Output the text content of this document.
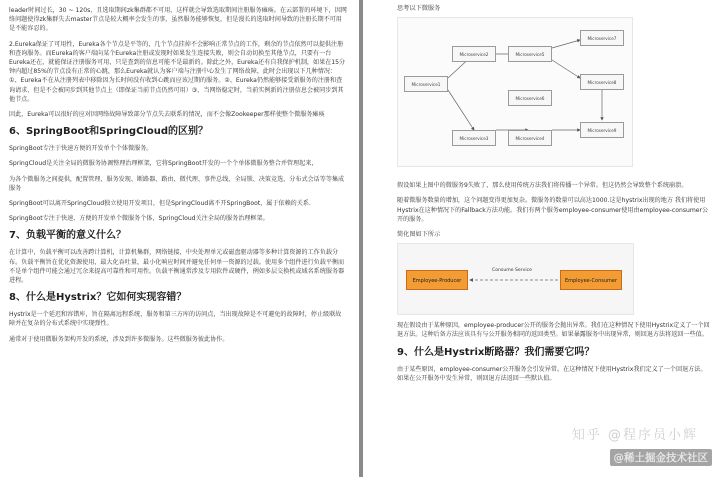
leader时间过长，30 ~ 120s，且选取期间zk集群都不可用，这样就会导致选取期间注册服务瘫痪。在云部署的环境下，因网络问题使得zk集群失去master节点是较大概率会发生的事，虽然服务能够恢复，但是漫长的选取时间导致的注册长期不可用是不能容忍的。

2.Eureka保证了可用性，Eureka各个节点是平等的，几个节点挂掉不会影响正常节点的工作，剩余的节点依然可以提供注册和查询服务。而Eureka的客户端向某个Eureka注册或发现时如果发生连接失败，则会自动切换至其他节点，只要有一台Eureka还在，就能保证注册服务可用，只是查到的信息可能不是最新的。除此之外，Eureka还有自我保护机制，如果在15分钟内超过85%的节点没有正常的心跳，那么Eureka就认为客户端与注册中心发生了网络故障，此时会出现以下几种情况：①、Eureka不在从注册列表中移除因为长时间没有收到心跳而应该过期的服务。②、Eureka仍然能够接受新服务的注册和查询请求，但是不会被同步到其他节点上（即保证当前节点仍然可用）③、当网络稳定时，当前实例新的注册信息会被同步到其他节点。

因此，Eureka可以很好的应对因网络故障导致部分节点失去联系的情况，而不会像Zookeeper那样使整个微服务瘫痪

6、SpringBoot和SpringCloud的区别？

SpringBoot专注于快速方便的开发单个个体微服务。

SpringCloud是关注全局的微服务协调整理治理框架，它将SpringBoot开发的一个个单体微服务整合并管理起来，

为各个微服务之间提供，配置管理、服务发现、断路器、路由、微代理、事件总线、全局锁、决策竞选、分布式会话等等集成服务

SpringBoot可以离开SpringCloud独立使用开发项目，但是SpringCloud离不开SpringBoot，属于依赖的关系.

SpringBoot专注于快速、方便的开发单个微服务个体，SpringCloud关注全局的服务治理框架。

7、负载平衡的意义什么？

在计算中，负载平衡可以改善跨计算机，计算机集群，网络链接，中央处理单元或磁盘驱动器等多种计算资源的工作负载分布。负载平衡旨在优化资源使用，最大化吞吐量，最小化响应时间并避免任何单一资源的过载。使用多个组件进行负载平衡而不是单个组件可能会通过冗余来提高可靠性和可用性。负载平衡通常涉及专用软件或硬件，例如多层交换机或域名系统服务器进程。

8、什么是Hystrix？它如何实现容错？

Hystrix是一个延迟和容错库，旨在隔离远程系统，服务和第三方库的访问点，当出现故障是不可避免的故障时，停止级联故障并在复杂的分布式系统中实现弹性。

通常对于使用微服务架构开发的系统，涉及到许多微服务。这些微服务彼此协作。

思考以下微服务

Microservice1
Microservice2
Microservice3
Microservice5
Microservice4
Microservice7
Microservice8
Microservice9
Microservice6

假设如果上图中的微服务9失败了，那么使用传统方法我们将传播一个异常。但这仍然会导致整个系统崩溃。

随着微服务数量的增加，这个问题变得更加复杂。微服务的数量可以高达1000.这是hystrix出现的地方 我们将使用Hystrix在这种情况下的Fallback方法功能。我们有两个服务employee-consumer使用由employee-consumer公开的服务。

简化图如下所示

Employee-Producer	Employee-Consumer
Consume Service

现在假设由于某种原因，employee-producer公开的服务会抛出异常。我们在这种情况下使用Hystrix定义了一个回退方法。这种后备方法应该具有与公开服务相同的返回类型。如果暴露服务中出现异常，则回退方法将返回一些值。

9、什么是Hystrix断路器？我们需要它吗？

由于某些原因，employee-consumer公开服务会引发异常。在这种情况下使用Hystrix我们定义了一个回退方法。如果在公开服务中发生异常，则回退方法返回一些默认值。

知乎 @程序员小辉
@稀土掘金技术社区
